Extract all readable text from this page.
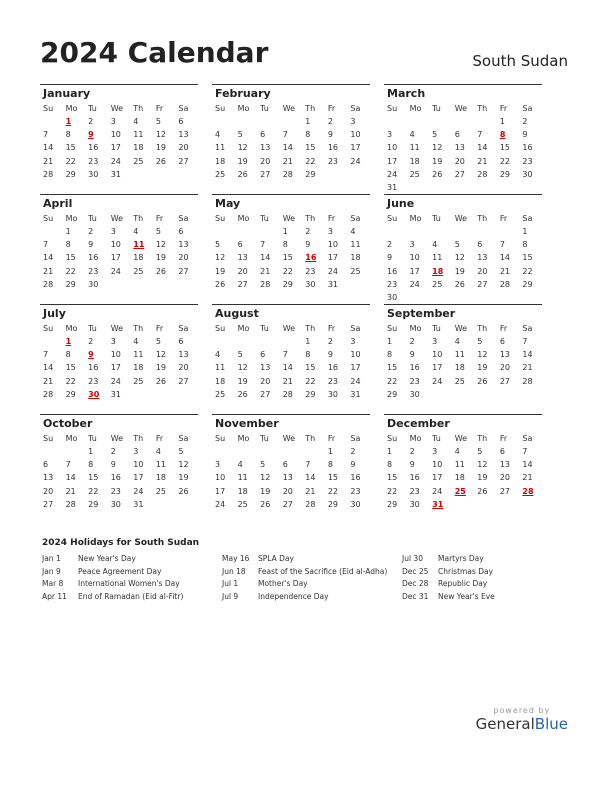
2024 Calendar	South Sudan
January
Su	Mo	Tu	We	Th	Fr	Sa
	1	2	3	4	5	6
7	8	9	10	11	12	13
14	15	16	17	18	19	20
21	22	23	24	25	26	27
28	29	30	31			
February
Su	Mo	Tu	We	Th	Fr	Sa
				1	2	3
4	5	6	7	8	9	10
11	12	13	14	15	16	17
18	19	20	21	22	23	24
25	26	27	28	29		
March
Su	Mo	Tu	We	Th	Fr	Sa
					1	2
3	4	5	6	7	8	9
10	11	12	13	14	15	16
17	18	19	20	21	22	23
24	25	26	27	28	29	30
31						
April
Su	Mo	Tu	We	Th	Fr	Sa
	1	2	3	4	5	6
7	8	9	10	11	12	13
14	15	16	17	18	19	20
21	22	23	24	25	26	27
28	29	30				
May
Su	Mo	Tu	We	Th	Fr	Sa
			1	2	3	4
5	6	7	8	9	10	11
12	13	14	15	16	17	18
19	20	21	22	23	24	25
26	27	28	29	30	31	
June
Su	Mo	Tu	We	Th	Fr	Sa
						1
2	3	4	5	6	7	8
9	10	11	12	13	14	15
16	17	18	19	20	21	22
23	24	25	26	27	28	29
30						
July
Su	Mo	Tu	We	Th	Fr	Sa
	1	2	3	4	5	6
7	8	9	10	11	12	13
14	15	16	17	18	19	20
21	22	23	24	25	26	27
28	29	30	31			
August
Su	Mo	Tu	We	Th	Fr	Sa
				1	2	3
4	5	6	7	8	9	10
11	12	13	14	15	16	17
18	19	20	21	22	23	24
25	26	27	28	29	30	31
September
Su	Mo	Tu	We	Th	Fr	Sa
1	2	3	4	5	6	7
8	9	10	11	12	13	14
15	16	17	18	19	20	21
22	23	24	25	26	27	28
29	30					
October
Su	Mo	Tu	We	Th	Fr	Sa
		1	2	3	4	5
6	7	8	9	10	11	12
13	14	15	16	17	18	19
20	21	22	23	24	25	26
27	28	29	30	31		
November
Su	Mo	Tu	We	Th	Fr	Sa
					1	2
3	4	5	6	7	8	9
10	11	12	13	14	15	16
17	18	19	20	21	22	23
24	25	26	27	28	29	30
December
Su	Mo	Tu	We	Th	Fr	Sa
1	2	3	4	5	6	7
8	9	10	11	12	13	14
15	16	17	18	19	20	21
22	23	24	25	26	27	28
29	30	31				
2024 Holidays for South Sudan
Jan 1	New Year's Day
Jan 9	Peace Agreement Day
Mar 8	International Women's Day
Apr 11	End of Ramadan (Eid al-Fitr)
May 16	SPLA Day
Jun 18	Feast of the Sacrifice (Eid al-Adha)
Jul 1	Mother's Day
Jul 9	Independence Day
Jul 30	Martyrs Day
Dec 25	Christmas Day
Dec 28	Republic Day
Dec 31	New Year's Eve
powered by
GeneralBlue
